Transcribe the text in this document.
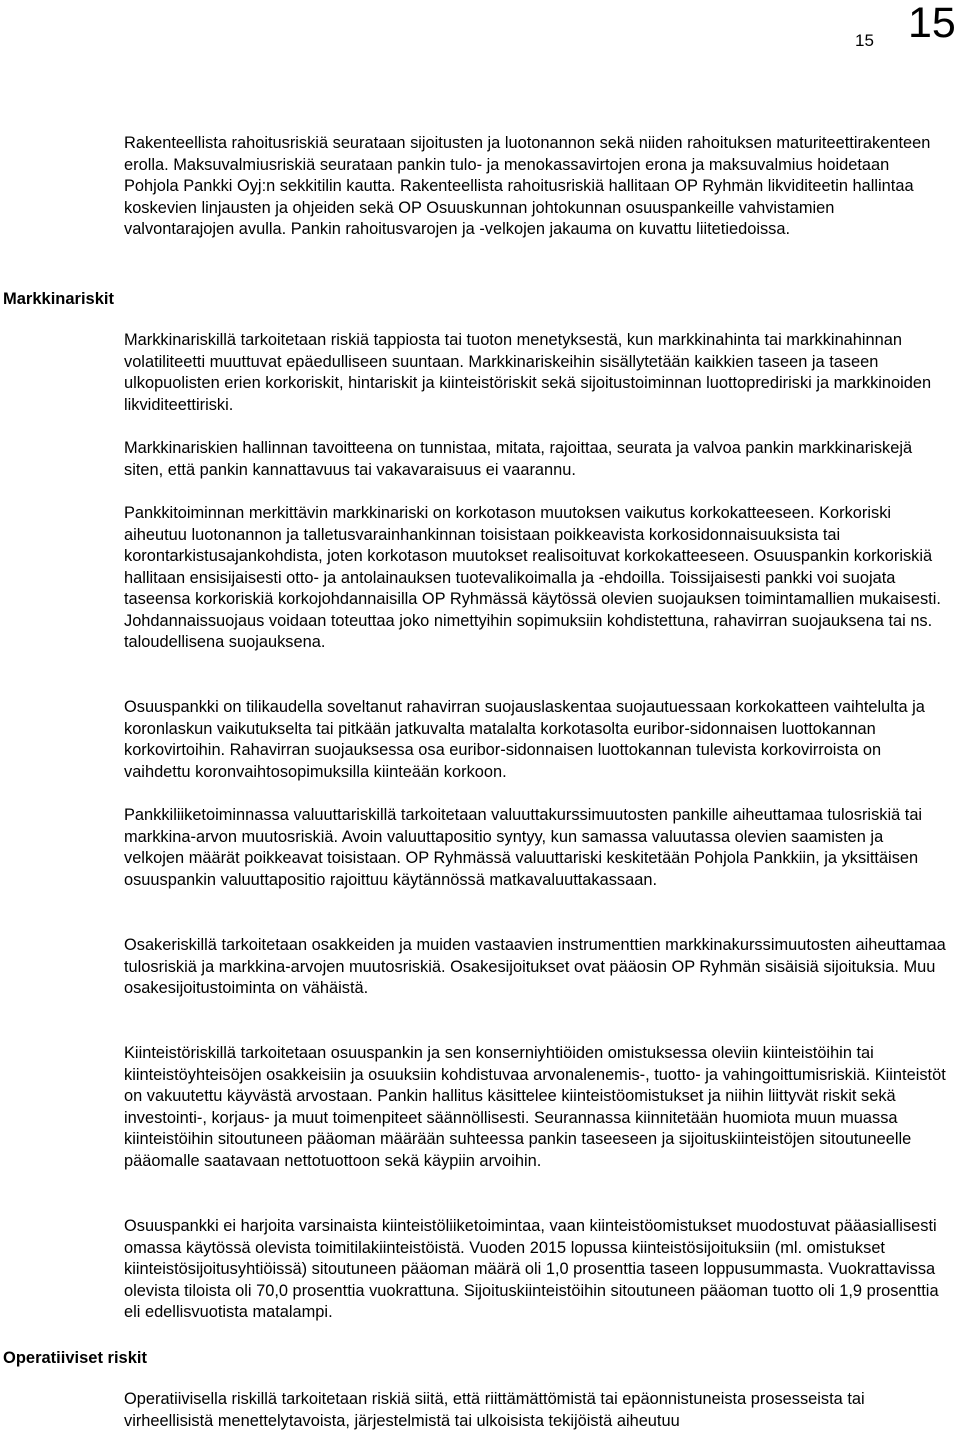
15 15
Markkinariskit
Operatiiviset riskit

Rakenteellista rahoitusriskiä seurataan sijoitusten ja luotonannon sekä niiden rahoituksen maturiteettirakenteen erolla. Maksuvalmiusriskiä seurataan pankin tulo- ja menokassavirtojen erona ja maksuvalmius hoidetaan Pohjola Pankki Oyj:n sekkitilin kautta. Rakenteellista rahoitusriskiä hallitaan OP Ryhmän likviditeetin hallintaa koskevien linjausten ja ohjeiden sekä OP Osuuskunnan johtokunnan osuuspankeille vahvistamien valvontarajojen avulla. Pankin rahoitusvarojen ja -velkojen jakauma on kuvattu liitetiedoissa.

Markkinariskillä tarkoitetaan riskiä tappiosta tai tuoton menetyksestä, kun markkinahinta tai markkinahinnan volatiliteetti muuttuvat epäedulliseen suuntaan. Markkinariskeihin sisällytetään kaikkien taseen ja taseen ulkopuolisten erien korkoriskit, hintariskit ja kiinteistöriskit sekä sijoitustoiminnan luottoprediriski ja markkinoiden likviditeettiriski.

Markkinariskien hallinnan tavoitteena on tunnistaa, mitata, rajoittaa, seurata ja valvoa pankin markkinariskejä siten, että pankin kannattavuus tai vakavaraisuus ei vaarannu.

Pankkitoiminnan merkittävin markkinariski on korkotason muutoksen vaikutus korkokatteeseen. Korkoriski aiheutuu luotonannon ja talletusvarainhankinnan toisistaan poikkeavista korkosidonnaisuuksista tai korontarkistusajankohdista, joten korkotason muutokset realisoituvat korkokatteeseen. Osuuspankin korkoriskiä hallitaan ensisijaisesti otto- ja antolainauksen tuotevalikoimalla ja -ehdoilla. Toissijaisesti pankki voi suojata taseensa korkoriskiä korkojohdannaisilla OP Ryhmässä käytössä olevien suojauksen toimintamallien mukaisesti. Johdannaissuojaus voidaan toteuttaa joko nimettyihin sopimuksiin kohdistettuna, rahavirran suojauksena tai ns. taloudellisena suojauksena.

Osuuspankki on tilikaudella soveltanut rahavirran suojauslaskentaa suojautuessaan korkokatteen vaihtelulta ja koronlaskun vaikutukselta tai pitkään jatkuvalta matalalta korkotasolta euribor-sidonnaisen luottokannan korkovirtoihin. Rahavirran suojauksessa osa euribor-sidonnaisen luottokannan tulevista korkovirroista on vaihdettu koronvaihtosopimuksilla kiinteään korkoon.

Pankkiliiketoiminnassa valuuttariskillä tarkoitetaan valuuttakurssimuutosten pankille aiheuttamaa tulosriskiä tai markkina-arvon muutosriskiä. Avoin valuuttapositio syntyy, kun samassa valuutassa olevien saamisten ja velkojen määrät poikkeavat toisistaan. OP Ryhmässä valuuttariski keskitetään Pohjola Pankkiin, ja yksittäisen osuuspankin valuuttapositio rajoittuu käytännössä matkavaluuttakassaan.

Osakeriskillä tarkoitetaan osakkeiden ja muiden vastaavien instrumenttien markkinakurssimuutosten aiheuttamaa tulosriskiä ja markkina-arvojen muutosriskiä. Osakesijoitukset ovat pääosin OP Ryhmän sisäisiä sijoituksia. Muu osakesijoitustoiminta on vähäistä.

Kiinteistöriskillä tarkoitetaan osuuspankin ja sen konserniyhtiöiden omistuksessa oleviin kiinteistöihin tai kiinteistöyhteisöjen osakkeisiin ja osuuksiin kohdistuvaa arvonalenemis-, tuotto- ja vahingoittumisriskiä. Kiinteistöt on vakuutettu käyvästä arvostaan. Pankin hallitus käsittelee kiinteistöomistukset ja niihin liittyvät riskit sekä investointi-, korjaus- ja muut toimenpiteet säännöllisesti. Seurannassa kiinnitetään huomiota muun muassa kiinteistöihin sitoutuneen pääoman määrään suhteessa pankin taseeseen ja sijoituskiinteistöjen sitoutuneelle pääomalle saatavaan nettotuottoon sekä käypiin arvoihin.

Osuuspankki ei harjoita varsinaista kiinteistöliiketoimintaa, vaan kiinteistöomistukset muodostuvat pääasiallisesti omassa käytössä olevista toimitilakiinteistöistä. Vuoden 2015 lopussa kiinteistösijoituksiin (ml. omistukset kiinteistösijoitusyhtiöissä) sitoutuneen pääoman määrä oli 1,0 prosenttia taseen loppusummasta. Vuokrattavissa olevista tiloista oli 70,0 prosenttia vuokrattuna. Sijoituskiinteistöihin sitoutuneen pääoman tuotto oli 1,9 prosenttia eli edellisvuotista matalampi.

Operatiivisella riskillä tarkoitetaan riskiä siitä, että riittämättömistä tai epäonnistuneista prosesseista tai virheellisistä menettelytavoista, järjestelmistä tai ulkoisista tekijöistä aiheutuu
